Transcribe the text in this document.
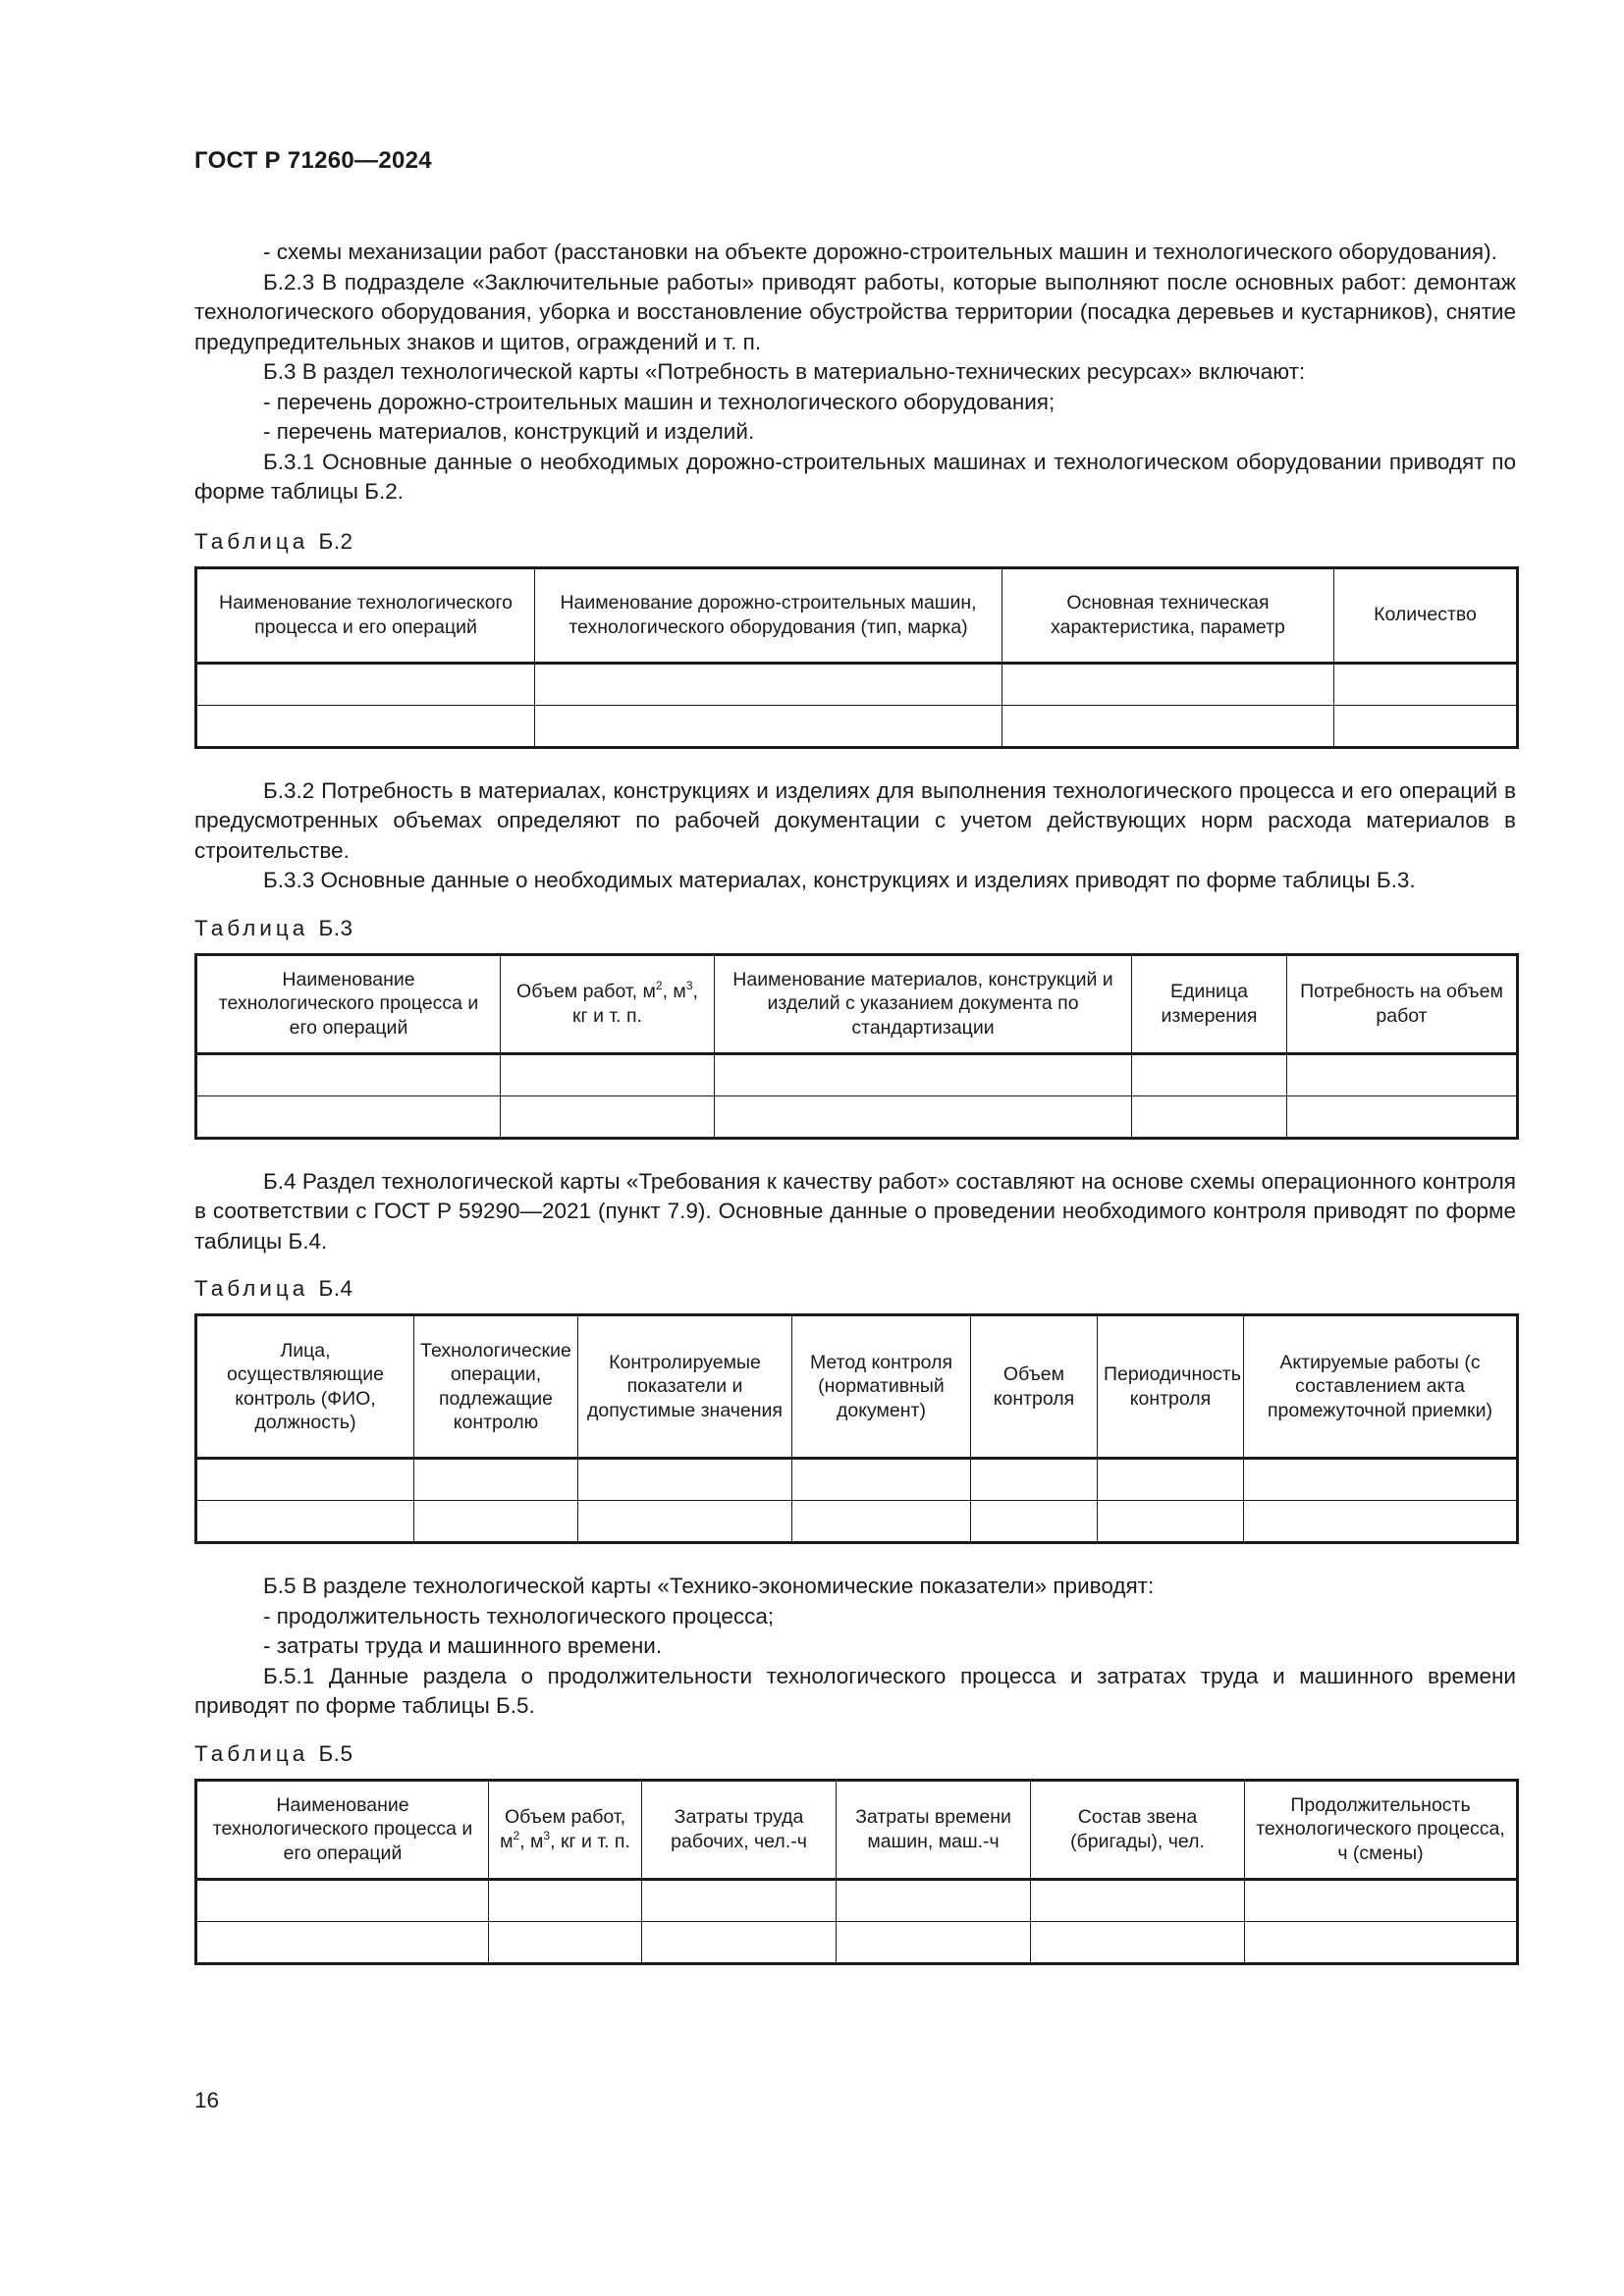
ГОСТ Р 71260—2024

- схемы механизации работ (расстановки на объекте дорожно-строительных машин и технологического оборудования).

Б.2.3 В подразделе «Заключительные работы» приводят работы, которые выполняют после основных работ: демонтаж технологического оборудования, уборка и восстановление обустройства территории (посадка деревьев и кустарников), снятие предупредительных знаков и щитов, ограждений и т. п.

Б.3 В раздел технологической карты «Потребность в материально-технических ресурсах» включают:

- перечень дорожно-строительных машин и технологического оборудования;

- перечень материалов, конструкций и изделий.

Б.3.1 Основные данные о необходимых дорожно-строительных машинах и технологическом оборудовании приводят по форме таблицы Б.2.

Таблица Б.2
Наименование технологического процесса и его операций	Наименование дорожно-строительных машин, технологического оборудования (тип, марка)	Основная техническая характеристика, параметр	Количество

Б.3.2 Потребность в материалах, конструкциях и изделиях для выполнения технологического процесса и его операций в предусмотренных объемах определяют по рабочей документации с учетом действующих норм расхода материалов в строительстве.

Б.3.3 Основные данные о необходимых материалах, конструкциях и изделиях приводят по форме таблицы Б.3.

Таблица Б.3
Наименование технологического процесса и его операций	Объем работ, $м^2$, $м^3$, кг и т. п.	Наименование материалов, конструкций и изделий с указанием документа по стандартизации	Единица измерения	Потребность на объем работ

Б.4 Раздел технологической карты «Требования к качеству работ» составляют на основе схемы операционного контроля в соответствии с ГОСТ Р 59290—2021 (пункт 7.9). Основные данные о проведении необходимого контроля приводят по форме таблицы Б.4.

Таблица Б.4
Лица, осуществляющие контроль (ФИО, должность)	Технологические операции, подлежащие контролю	Контролируемые показатели и допустимые значения	Метод контроля (нормативный документ)	Объем контроля	Периодичность контроля	Актируемые работы (с составлением акта промежуточной приемки)

Б.5 В разделе технологической карты «Технико-экономические показатели» приводят:

- продолжительность технологического процесса;

- затраты труда и машинного времени.

Б.5.1 Данные раздела о продолжительности технологического процесса и затратах труда и машинного времени приводят по форме таблицы Б.5.

Таблица Б.5
Наименование технологического процесса и его операций	Объем работ, $м^2$, $м^3$, кг и т. п.	Затраты труда рабочих, чел.-ч	Затраты времени машин, маш.-ч	Состав звена (бригады), чел.	Продолжительность технологического процесса, ч (смены)

16
